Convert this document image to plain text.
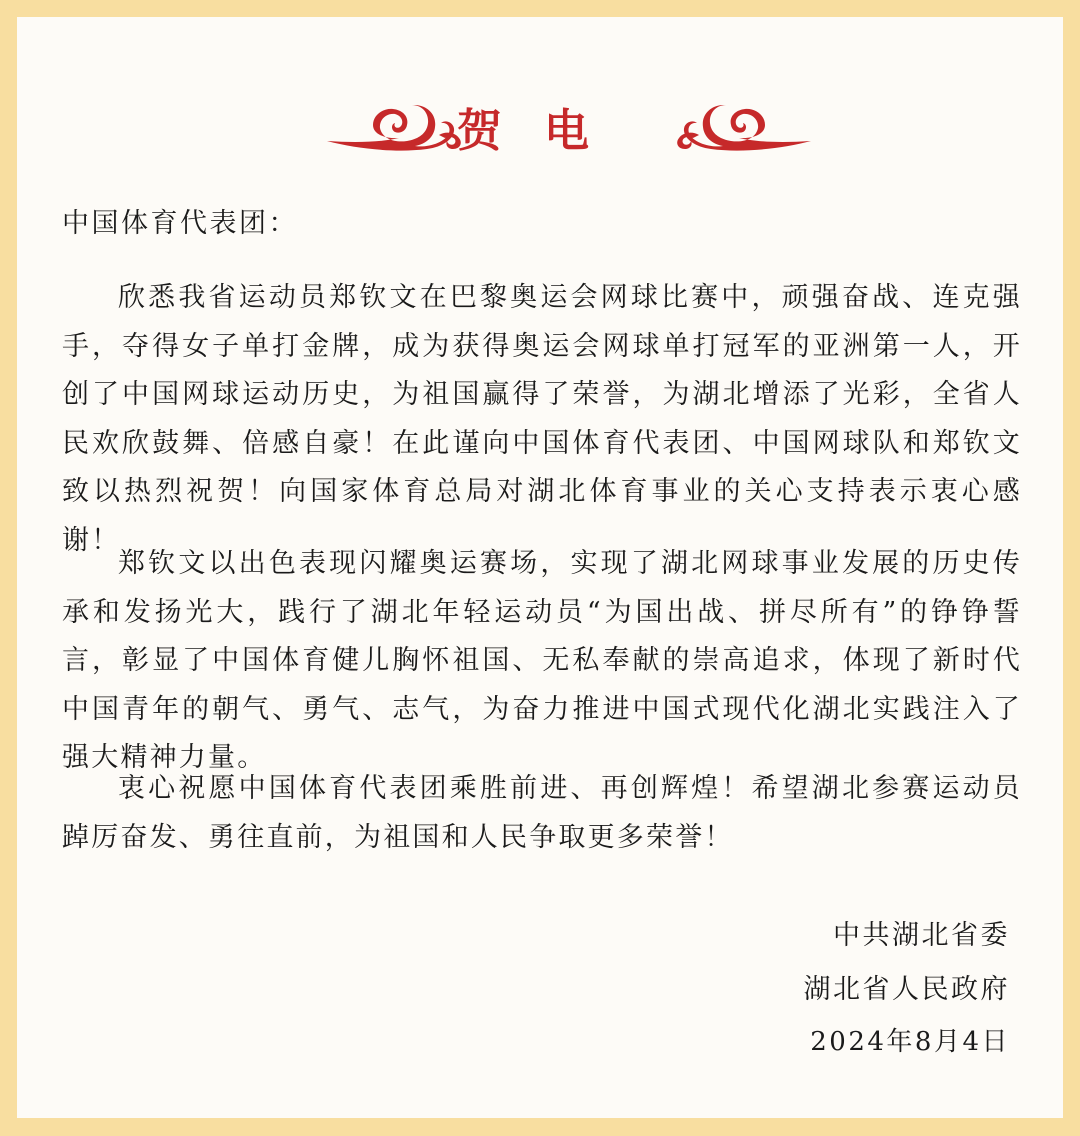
贺电
中国体育代表团：

欣悉我省运动员郑钦文在巴黎奥运会网球比赛中，顽强奋战、连克强手，夺得女子单打金牌，成为获得奥运会网球单打冠军的亚洲第一人，开创了中国网球运动历史，为祖国赢得了荣誉，为湖北增添了光彩，全省人民欢欣鼓舞、倍感自豪！在此谨向中国体育代表团、中国网球队和郑钦文致以热烈祝贺！向国家体育总局对湖北体育事业的关心支持表示衷心感谢！

郑钦文以出色表现闪耀奥运赛场，实现了湖北网球事业发展的历史传承和发扬光大，践行了湖北年轻运动员“为国出战、拼尽所有”的铮铮誓言，彰显了中国体育健儿胸怀祖国、无私奉献的崇高追求，体现了新时代中国青年的朝气、勇气、志气，为奋力推进中国式现代化湖北实践注入了强大精神力量。

衷心祝愿中国体育代表团乘胜前进、再创辉煌！希望湖北参赛运动员踔厉奋发、勇往直前，为祖国和人民争取更多荣誉！

中共湖北省委
湖北省人民政府
2024年8月4日
